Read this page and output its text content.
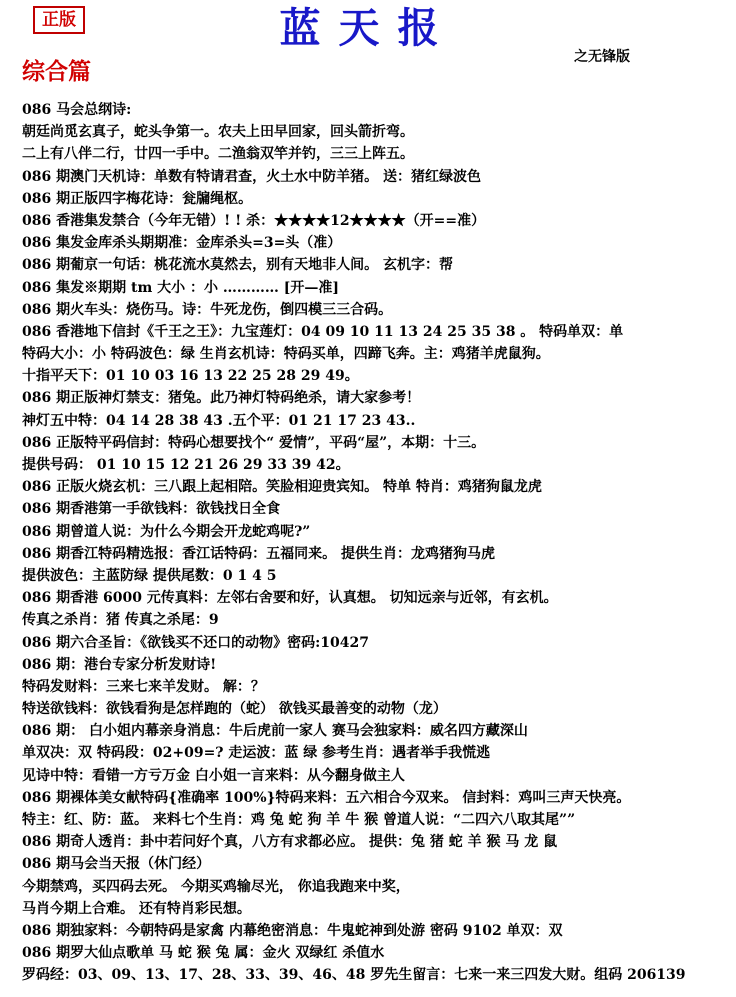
正版	蓝天报
之无锋版
综合篇
086 马会总纲诗:
朝廷尚觅玄真子，蛇头争第一。农夫上田早回家，回头箭折弯。
二上有八伴二行，廿四一手中。二渔翁双竿并钓，三三上阵五。
086 期澳门天机诗：单数有特请君查，火土水中防羊猪。 送：猪红绿波色
086 期正版四字梅花诗：瓮牖绳枢。
086 香港集发禁合（今年无错）! ! 杀：★★★★12★★★★（开==准）
086 集发金库杀头期期准：金库杀头=3=头（准）
086 期葡京一句话：桃花流水莫然去，别有天地非人间。 玄机字：帮
086 集发※期期 tm 大小 ：小 ………… [开—准]
086 期火车头：烧伤马。诗：牛死龙伤，倒四模三三合码。
086 香港地下信封《千王之王》：九宝莲灯：04 09 10 11 13 24 25 35 38 。 特码单双：单
特码大小：小 特码波色：绿 生肖玄机诗：特码买单，四蹄飞奔。主：鸡猪羊虎鼠狗。
十指平天下：01 10 03 16 13 22 25 28 29 49。
086 期正版神灯禁支：猪兔。此乃神灯特码绝杀，请大家参考！
神灯五中特：04 14 28 38 43 .五个平：01 21 17 23 43..
086 正版特平码信封：特码心想要找个“ 爱情”，平码“屋”，本期：十三。
提供号码： 01 10 15 12 21 26 29 33 39 42。
086 正版火烧玄机：三八跟上起相陪。笑脸相迎贵宾知。 特单 特肖：鸡猪狗鼠龙虎
086 期香港第一手欲钱料：欲钱找日全食
086 期曾道人说：为什么今期会开龙蛇鸡呢?”
086 期香江特码精选报：香江话特码：五福同来。 提供生肖：龙鸡猪狗马虎
提供波色：主蓝防绿 提供尾数：0 1 4 5
086 期香港 6000 元传真料：左邻右舍要和好，认真想。 切知远亲与近邻，有玄机。
传真之杀肖：猪 传真之杀尾：9
086 期六合圣旨：《欲钱买不还口的动物》密码:10427
086 期：港台专家分析发财诗!
特码发财料：三来七来羊发财。 解：？
特送欲钱料：欲钱看狗是怎样跑的（蛇） 欲钱买最善变的动物（龙）
086 期： 白小姐内幕亲身消息：牛后虎前一家人 赛马会独家料：威名四方藏深山
单双决：双 特码段：02+09=? 走运波：蓝 绿 参考生肖：遇者举手我慌逃
见诗中特：看错一方亏万金 白小姐一言来料：从今翻身做主人
086 期裸体美女献特码{准确率 100%}特码来料：五六相合今双来。 信封料：鸡叫三声天快亮。
特主：红、防：蓝。 来料七个生肖：鸡 兔 蛇 狗 羊 牛 猴 曾道人说：“二四六八取其尾””
086 期奇人透肖：卦中若问好个真，八方有求都必应。 提供：兔 猪 蛇 羊 猴 马 龙 鼠
086 期马会当天报（休门经）
今期禁鸡，买四码去死。 今期买鸡输尽光， 你追我跑来中奖，
马肖今期上合难。 还有特肖彩民想。
086 期独家料：今朝特码是家禽 内幕绝密消息：牛鬼蛇神到处游 密码 9102 单双：双
086 期罗大仙点歌单 马 蛇 猴 兔 属：金火 双绿红 杀值水
罗码经：03、09、13、17、28、33、39、46、48 罗先生留言：七来一来三四发大财。组码 206139
